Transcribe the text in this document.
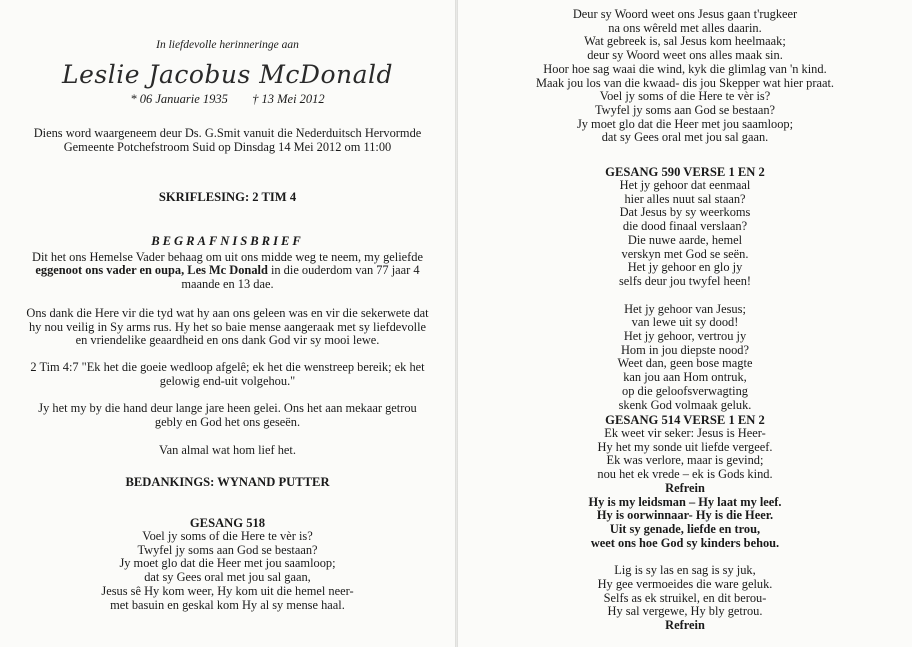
In liefdevolle herinneringe aan
Leslie Jacobus McDonald
* 06 Januarie 1935 † 13 Mei 2012
Diens word waargeneem deur Ds. G.Smit vanuit die Nederduitsch Hervormde
Gemeente Potchefstroom Suid op Dinsdag 14 Mei 2012 om 11:00
SKRIFLESING: 2 TIM 4
BEGRAFNISBRIEF
Dit het ons Hemelse Vader behaag om uit ons midde weg te neem, my geliefde
eggenoot ons vader en oupa, Les Mc Donald in die ouderdom van 77 jaar 4
maande en 13 dae.
Ons dank die Here vir die tyd wat hy aan ons geleen was en vir die sekerwete dat
hy nou veilig in Sy arms rus. Hy het so baie mense aangeraak met sy liefdevolle
en vriendelike geaardheid en ons dank God vir sy mooi lewe.
2 Tim 4:7 "Ek het die goeie wedloop afgelê; ek het die wenstreep bereik; ek het
gelowig end-uit volgehou."
Jy het my by die hand deur lange jare heen gelei. Ons het aan mekaar getrou
gebly en God het ons geseën.
Van almal wat hom lief het.
BEDANKINGS: WYNAND PUTTER
GESANG 518
Voel jy soms of die Here te vèr is?
Twyfel jy soms aan God se bestaan?
Jy moet glo dat die Heer met jou saamloop;
dat sy Gees oral met jou sal gaan,
Jesus sê Hy kom weer, Hy kom uit die hemel neer-
met basuin en geskal kom Hy al sy mense haal.
Deur sy Woord weet ons Jesus gaan t'rugkeer
na ons wêreld met alles daarin.
Wat gebreek is, sal Jesus kom heelmaak;
deur sy Woord weet ons alles maak sin.
Hoor hoe sag waai die wind, kyk die glimlag van 'n kind.
Maak jou los van die kwaad- dis jou Skepper wat hier praat.
Voel jy soms of die Here te vèr is?
Twyfel jy soms aan God se bestaan?
Jy moet glo dat die Heer met jou saamloop;
dat sy Gees oral met jou sal gaan.
GESANG 590 VERSE 1 EN 2
Het jy gehoor dat eenmaal
hier alles nuut sal staan?
Dat Jesus by sy weerkoms
die dood finaal verslaan?
Die nuwe aarde, hemel
verskyn met God se seën.
Het jy gehoor en glo jy
selfs deur jou twyfel heen!
Het jy gehoor van Jesus;
van lewe uit sy dood!
Het jy gehoor, vertrou jy
Hom in jou diepste nood?
Weet dan, geen bose magte
kan jou aan Hom ontruk,
op die geloofsverwagting
skenk God volmaak geluk.
GESANG 514 VERSE 1 EN 2
Ek weet vir seker: Jesus is Heer-
Hy het my sonde uit liefde vergeef.
Ek was verlore, maar is gevind;
nou het ek vrede – ek is Gods kind.
Refrein
Hy is my leidsman – Hy laat my leef.
Hy is oorwinnaar- Hy is die Heer.
Uit sy genade, liefde en trou,
weet ons hoe God sy kinders behou.
Lig is sy las en sag is sy juk,
Hy gee vermoeides die ware geluk.
Selfs as ek struikel, en dit berou-
Hy sal vergewe, Hy bly getrou.
Refrein
